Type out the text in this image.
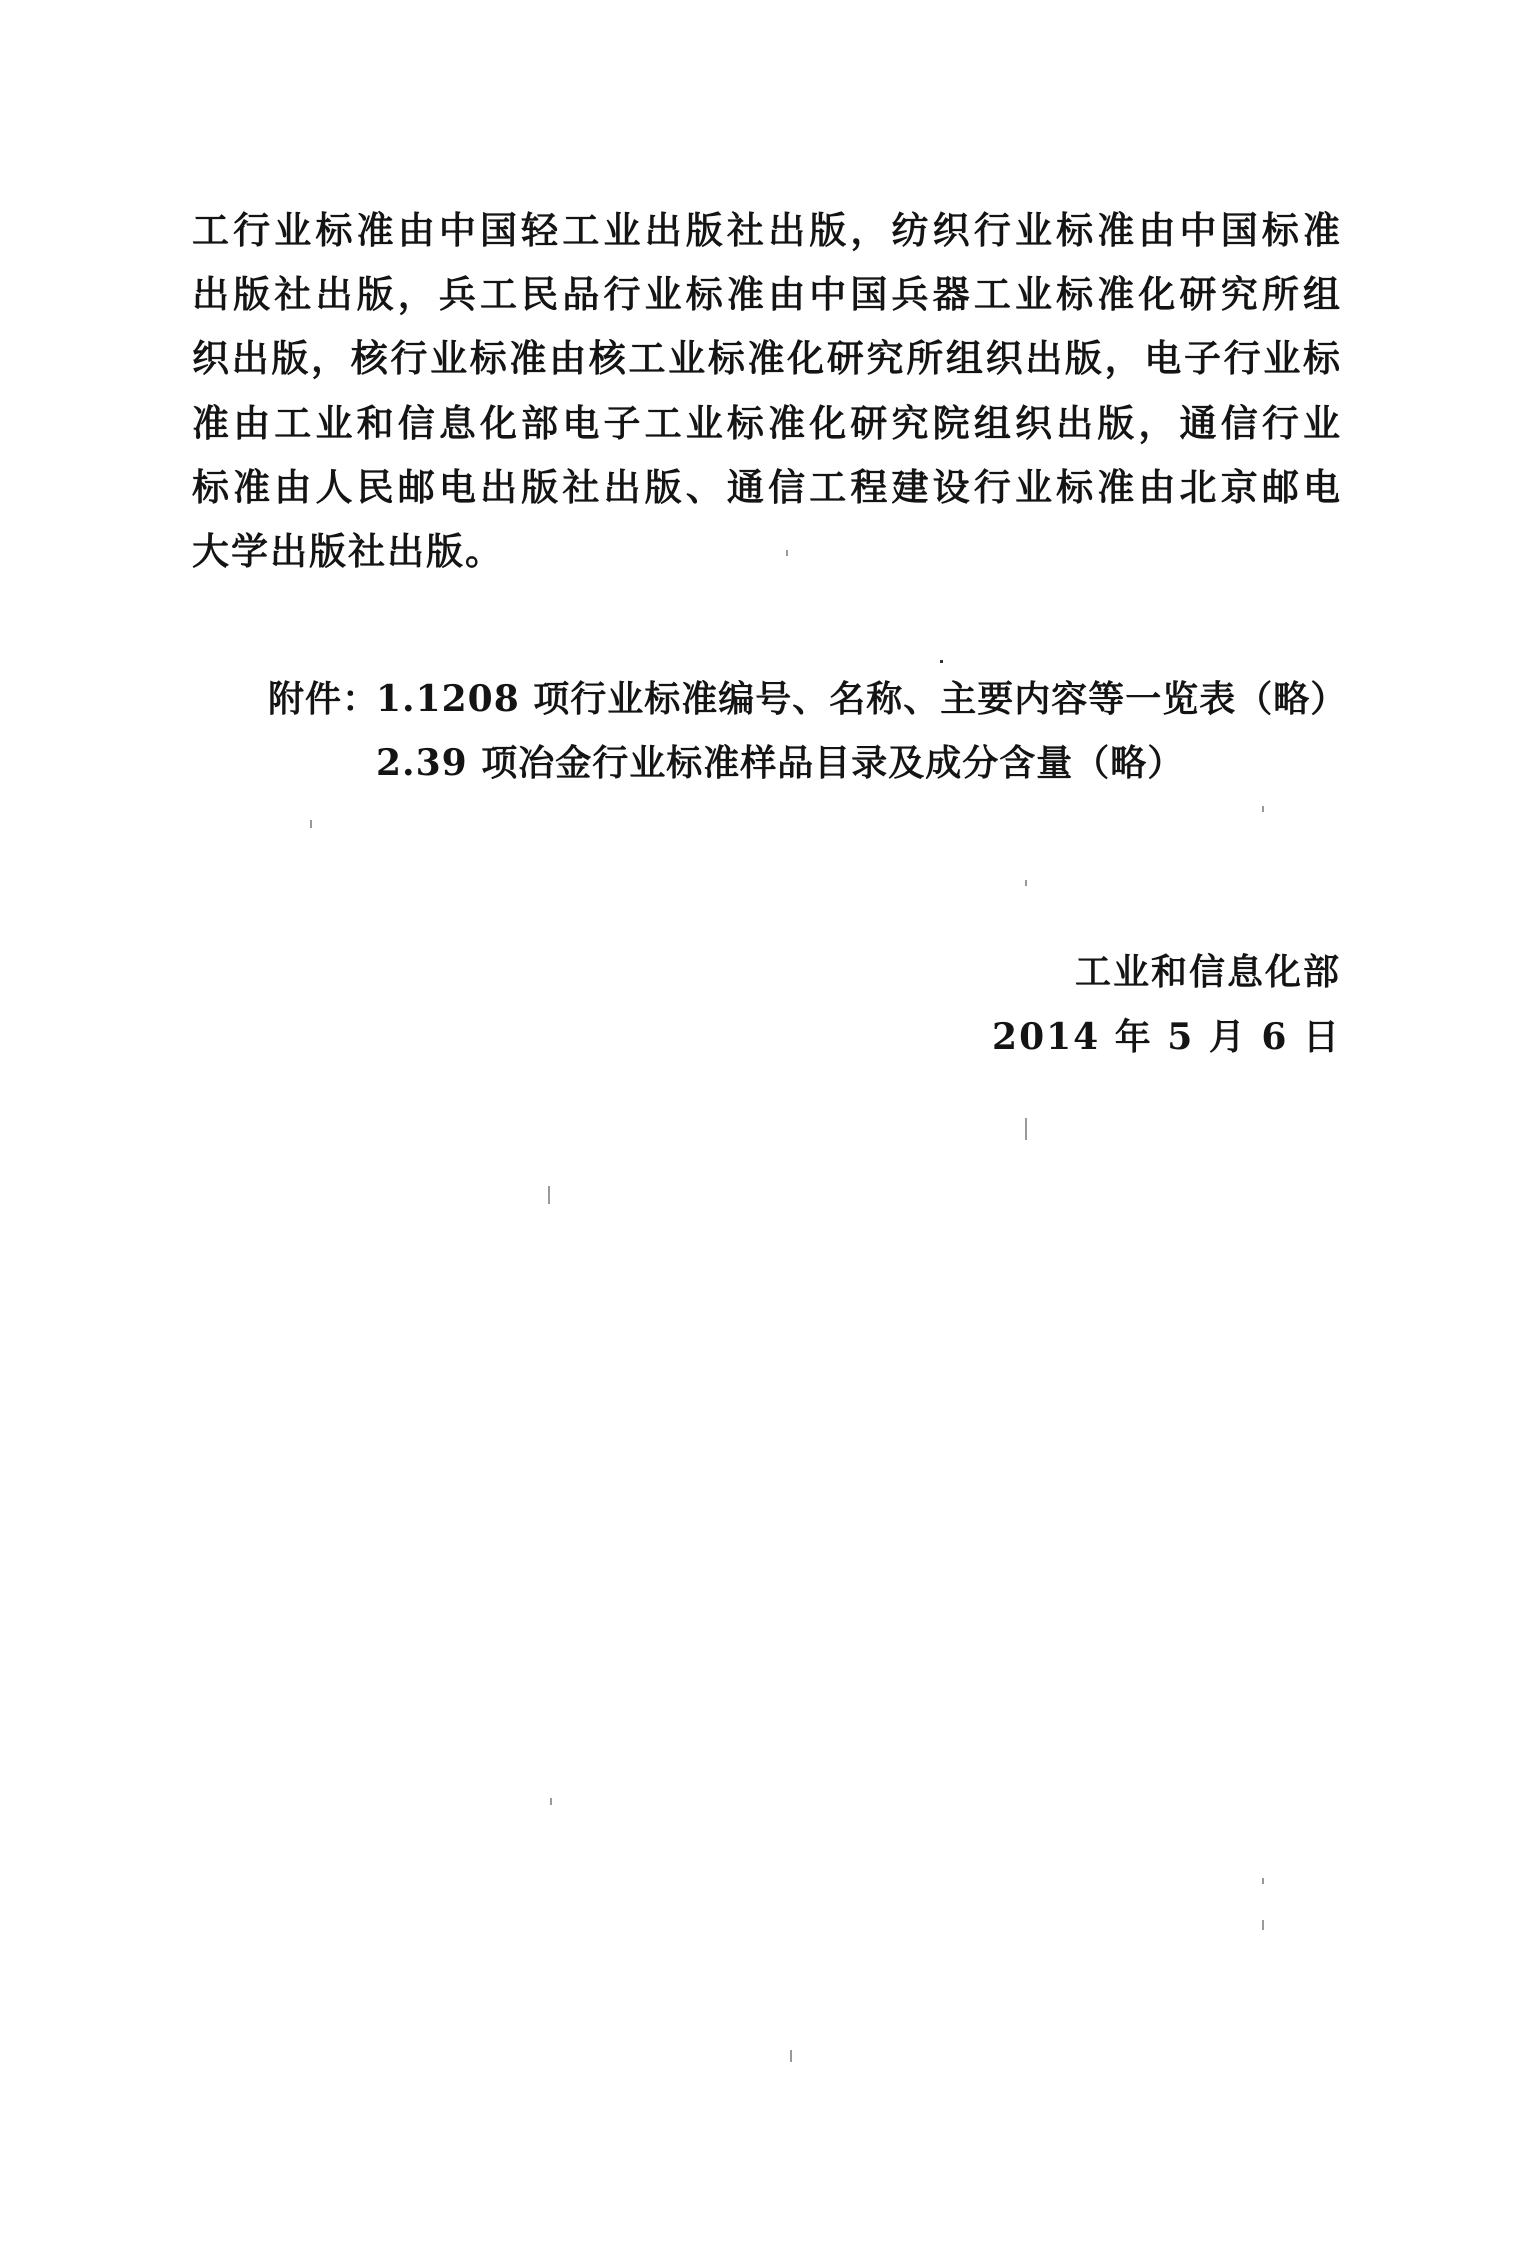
工行业标准由中国轻工业出版社出版，纺织行业标准由中国标准
出版社出版，兵工民品行业标准由中国兵器工业标准化研究所组
织出版，核行业标准由核工业标准化研究所组织出版，电子行业标
准由工业和信息化部电子工业标准化研究院组织出版，通信行业
标准由人民邮电出版社出版、通信工程建设行业标准由北京邮电
大学出版社出版。
附件：
1.1208 项行业标准编号、名称、主要内容等一览表（略）
2.39 项冶金行业标准样品目录及成分含量（略）
工业和信息化部
2014 年 5 月 6 日
